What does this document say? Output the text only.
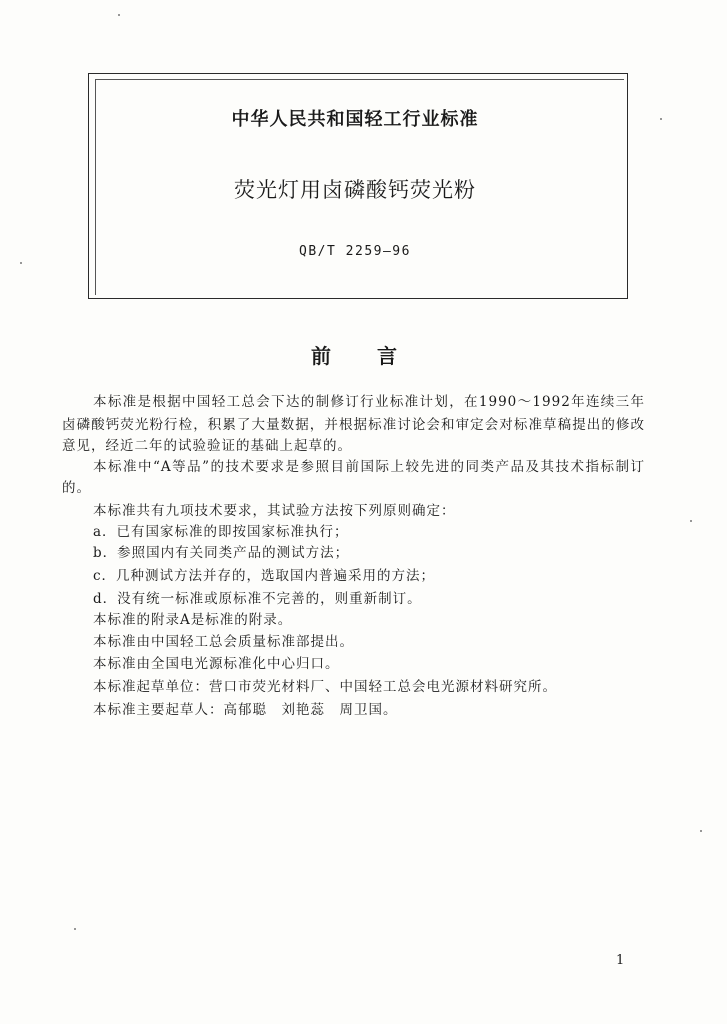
中华人民共和国轻工行业标准
荧光灯用卤磷酸钙荧光粉
QB/T 2259—96
前　　言
本标准是根据中国轻工总会下达的制修订行业标准计划，在1990～1992年连续三年
卤磷酸钙荧光粉行检，积累了大量数据，并根据标准讨论会和审定会对标准草稿提出的修改
意见，经近二年的试验验证的基础上起草的。
本标准中“A等品”的技术要求是参照目前国际上较先进的同类产品及其技术指标制订
的。
本标准共有九项技术要求，其试验方法按下列原则确定：
a．已有国家标准的即按国家标准执行；
b．参照国内有关同类产品的测试方法；
c．几种测试方法并存的，选取国内普遍采用的方法；
d．没有统一标准或原标准不完善的，则重新制订。
本标准的附录A是标准的附录。
本标准由中国轻工总会质量标准部提出。
本标准由全国电光源标准化中心归口。
本标准起草单位：营口市荧光材料厂、中国轻工总会电光源材料研究所。
本标准主要起草人：高郁聪　刘艳蕊　周卫国。
1
